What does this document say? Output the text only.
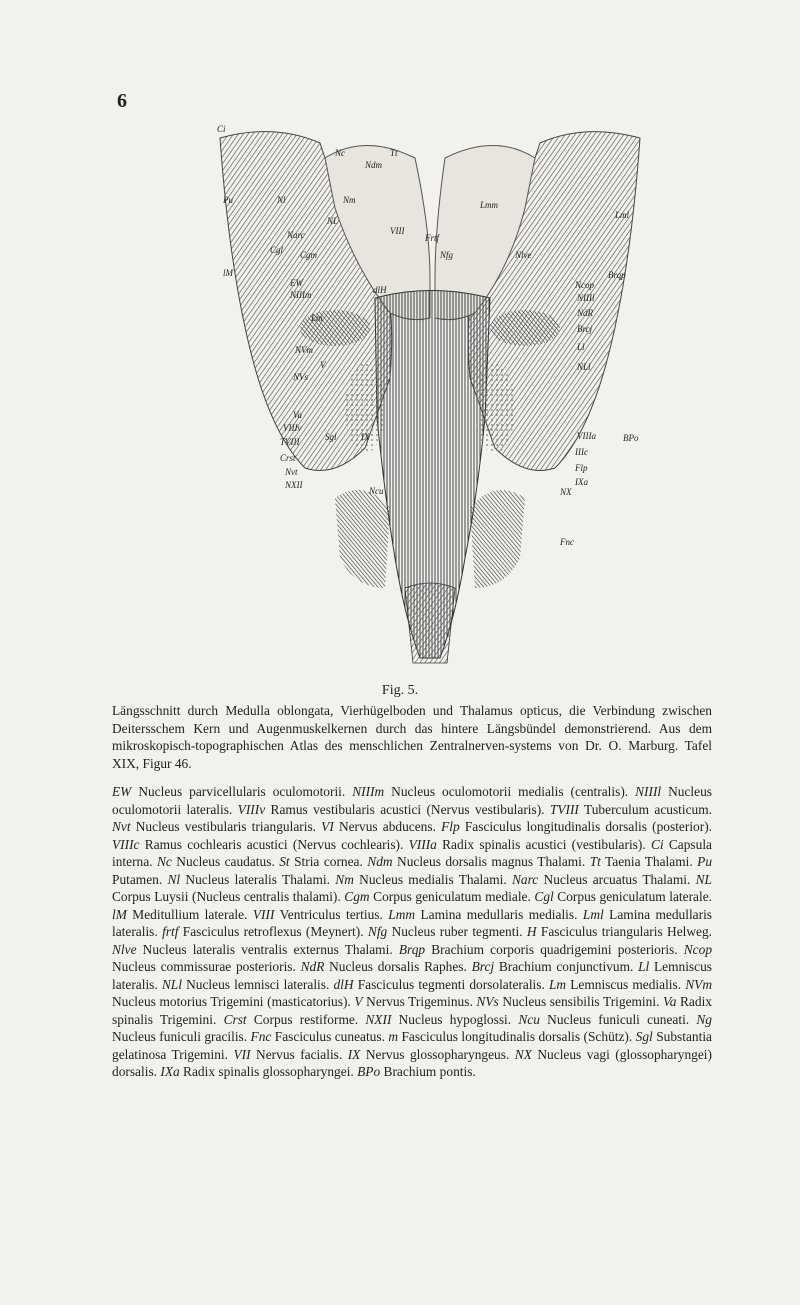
6
Ci
Nc	Tt
Ndm
Pu	Nl	Nm	Lmm
Lml
Narc
NL
VIII
Frtf
Cgl Cgm	Nfg	Nlve
lM	Brqp
Ncop
EW
NIIIm	dlH
NIIIl
NdR
Lm
Brcj
NVm	Ll
NVs
V	NLl
Va
VIIIv
VIIIa
TVIII	Sgl	IX	BPo
Crst
IIIc
Nvt	Flp
NXII
Ncu
IXa
NX
Fnc
Fig. 5.

Längsschnitt durch Medulla oblongata, Vierhügelboden und Thalamus opticus, die Verbindung zwischen Deitersschem Kern und Augenmuskelkernen durch das hintere Längsbündel demonstrierend. Aus dem mikroskopisch-topographischen Atlas des menschlichen Zentralnerven-systems von Dr. O. Marburg. Tafel XIX, Figur 46.

EW Nucleus parvicellularis oculomotorii. NIIIm Nucleus oculomotorii medialis (centralis). NIIIl Nucleus oculomotorii lateralis. VIIIv Ramus vestibularis acustici (Nervus vestibularis). TVIII Tuberculum acusticum. Nvt Nucleus vestibularis triangularis. VI Nervus abducens. Flp Fasciculus longitudinalis dorsalis (posterior). VIIIc Ramus cochlearis acustici (Nervus cochlearis). VIIIa Radix spinalis acustici (vestibularis). Ci Capsula interna. Nc Nucleus caudatus. St Stria cornea. Ndm Nucleus dorsalis magnus Thalami. Tt Taenia Thalami. Pu Putamen. Nl Nucleus lateralis Thalami. Nm Nucleus medialis Thalami. Narc Nucleus arcuatus Thalami. NL Corpus Luysii (Nucleus centralis thalami). Cgm Corpus geniculatum mediale. Cgl Corpus geniculatum laterale. lM Meditullium laterale. VIII Ventriculus tertius. Lmm Lamina medullaris medialis. Lml Lamina medullaris lateralis. frtf Fasciculus retroflexus (Meynert). Nfg Nucleus ruber tegmenti. H Fasciculus triangularis Helweg. Nlve Nucleus lateralis ventralis externus Thalami. Brqp Brachium corporis quadrigemini posterioris. Ncop Nucleus commissurae posterioris. NdR Nucleus dorsalis Raphes. Brcj Brachium conjunctivum. Ll Lemniscus lateralis. NLl Nucleus lemnisci lateralis. dlH Fasciculus tegmenti dorsolateralis. Lm Lemniscus medialis. NVm Nucleus motorius Trigemini (masticatorius). V Nervus Trigeminus. NVs Nucleus sensibilis Trigemini. Va Radix spinalis Trigemini. Crst Corpus restiforme. NXII Nucleus hypoglossi. Ncu Nucleus funiculi cuneati. Ng Nucleus funiculi gracilis. Fnc Fasciculus cuneatus. m Fasciculus longitudinalis dorsalis (Schütz). Sgl Substantia gelatinosa Trigemini. VII Nervus facialis. IX Nervus glossopharyngeus. NX Nucleus vagi (glossopharyngei) dorsalis. IXa Radix spinalis glossopharyngei. BPo Brachium pontis.
